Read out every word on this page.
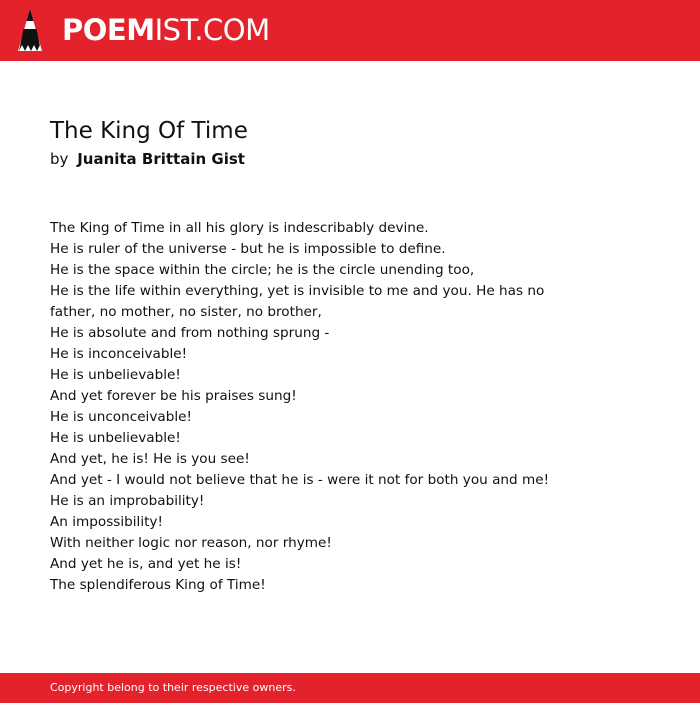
POEMIST.COM
The King Of Time
by Juanita Brittain Gist
The King of Time in all his glory is indescribably devine.
He is ruler of the universe - but he is impossible to define.
He is the space within the circle; he is the circle unending too,
He is the life within everything, yet is invisible to me and you. He has no
father, no mother, no sister, no brother,
He is absolute and from nothing sprung -
He is inconceivable!
He is unbelievable!
And yet forever be his praises sung!
He is unconceivable!
He is unbelievable!
And yet, he is! He is you see!
And yet - I would not believe that he is - were it not for both you and me!
He is an improbability!
An impossibility!
With neither logic nor reason, nor rhyme!
And yet he is, and yet he is!
The splendiferous King of Time!
Copyright belong to their respective owners.
